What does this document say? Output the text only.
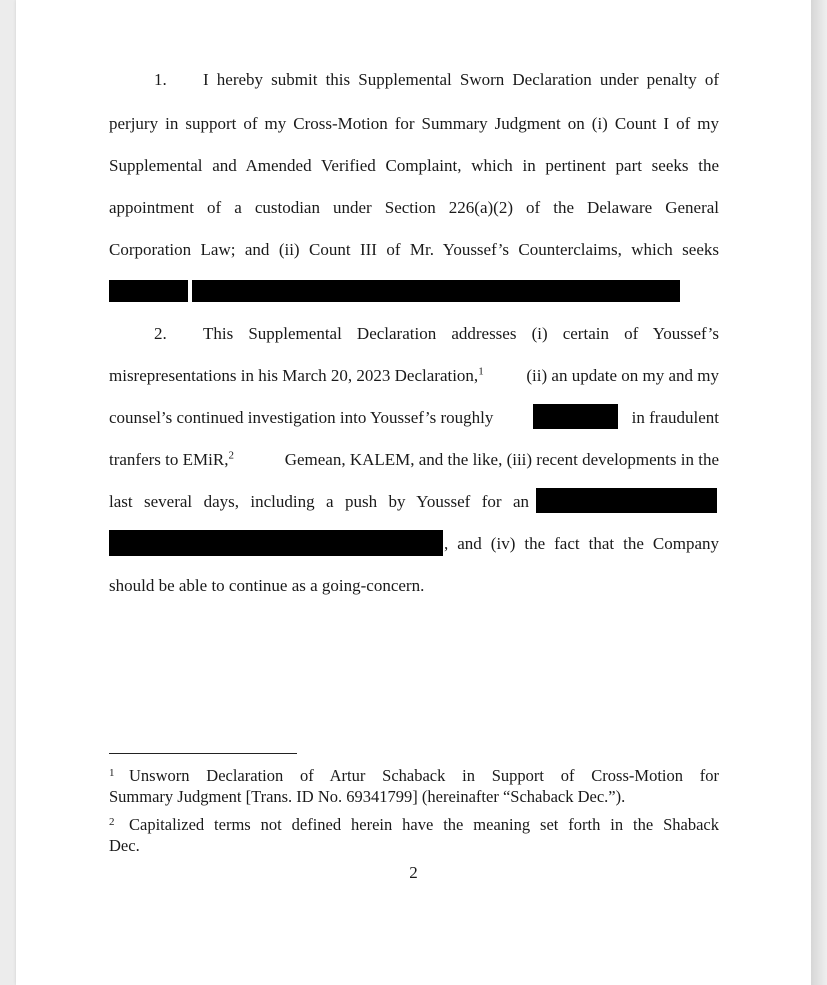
1. I hereby submit this Supplemental Sworn Declaration under penalty of
perjury in support of my Cross-Motion for Summary Judgment on (i) Count I of my
Supplemental and Amended Verified Complaint, which in pertinent part seeks the
appointment of a custodian under Section 226(a)(2) of the Delaware General
Corporation Law; and (ii) Count III of Mr. Youssef’s Counterclaims, which seeks
2. This Supplemental Declaration addresses (i) certain of Youssef’s
misrepresentations in his March 20, 2023 Declaration,$^1$	(ii) an update on my and my
counsel’s continued investigation into Youssef’s roughly	in fraudulent
tranfers to EMiR,$^2$	Gemean, KALEM, and the like, (iii) recent developments in the
last several days, including a push by Youssef for an
, and (iv) the fact that the Company
should be able to continue as a going-concern.
1 Unsworn Declaration of Artur Schaback in Support of Cross-Motion for
Summary Judgment [Trans. ID No. 69341799] (hereinafter “Schaback Dec.”).
2 Capitalized terms not defined herein have the meaning set forth in the Shaback
Dec.
2
